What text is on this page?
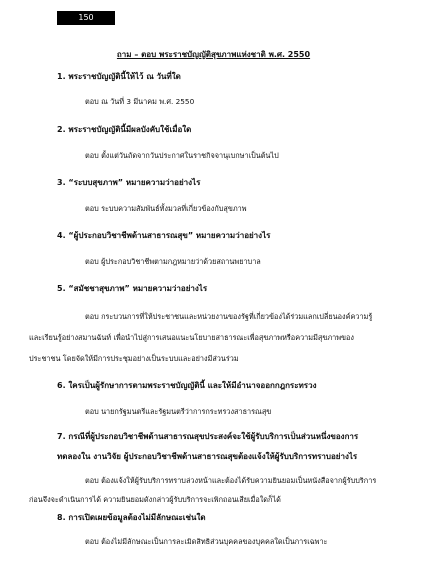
150
ถาม – ตอบ พระราชบัญญัติสุขภาพแห่งชาติ พ.ศ. 2550
1. พระราชบัญญัตินี้ให้ไว้ ณ วันที่ใด
ตอบ ณ วันที่ 3 มีนาคม พ.ศ. 2550
2. พระราชบัญญัตินี้มีผลบังคับใช้เมื่อใด
ตอบ ตั้งแต่วันถัดจากวันประกาศในราชกิจจานุเบกษาเป็นต้นไป
3. “ระบบสุขภาพ” หมายความว่าอย่างไร
ตอบ ระบบความสัมพันธ์ทั้งมวลที่เกี่ยวข้องกับสุขภาพ
4. “ผู้ประกอบวิชาชีพด้านสาธารณสุข” หมายความว่าอย่างไร
ตอบ ผู้ประกอบวิชาชีพตามกฎหมายว่าด้วยสถานพยาบาล
5. “สมัชชาสุขภาพ” หมายความว่าอย่างไร
ตอบ กระบวนการที่ให้ประชาชนและหน่วยงานของรัฐที่เกี่ยวข้องได้ร่วมแลกเปลี่ยนองค์ความรู้
และเรียนรู้อย่างสมานฉันท์ เพื่อนำไปสู่การเสนอแนะนโยบายสาธารณะเพื่อสุขภาพหรือความมีสุขภาพของ
ประชาชน โดยจัดให้มีการประชุมอย่างเป็นระบบและอย่างมีส่วนร่วม
6. ใครเป็นผู้รักษาการตามพระราชบัญญัตินี้ และให้มีอำนาจออกกฎกระทรวง
ตอบ นายกรัฐมนตรีและรัฐมนตรีว่าการกระทรวงสาธารณสุข
7. กรณีที่ผู้ประกอบวิชาชีพด้านสาธารณสุขประสงค์จะใช้ผู้รับบริการเป็นส่วนหนึ่งของการทดลองใน งานวิจัย ผู้ประกอบวิชาชีพด้านสาธารณสุขต้องแจ้งให้ผู้รับบริการทราบอย่างไร
ตอบ ต้องแจ้งให้ผู้รับบริการทราบล่วงหน้าและต้องได้รับความยินยอมเป็นหนังสือจากผู้รับบริการ
ก่อนจึงจะดำเนินการได้ ความยินยอมดังกล่าวผู้รับบริการจะเพิกถอนเสียเมื่อใดก็ได้
8. การเปิดเผยข้อมูลต้องไม่มีลักษณะเช่นใด
ตอบ ต้องไม่มีลักษณะเป็นการละเมิดสิทธิส่วนบุคคลของบุคคลใดเป็นการเฉพาะ
